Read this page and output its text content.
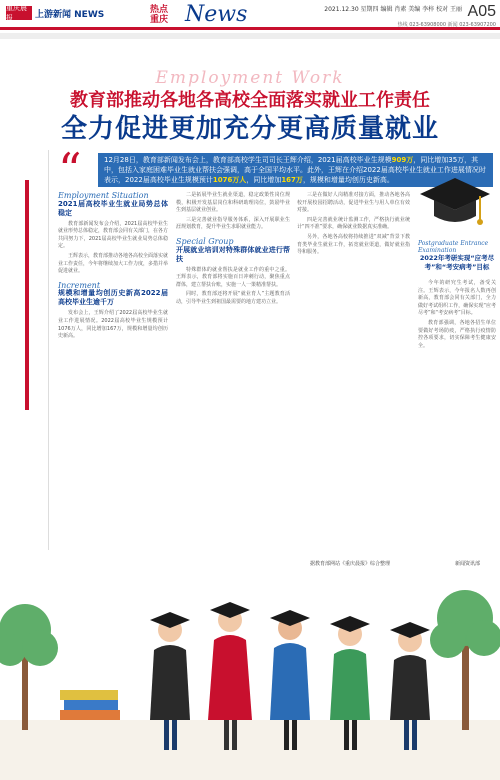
重庆晨报	上游新闻 NEWS	热点
重庆 News	2021.12.30 星期四 编辑 肖素 美编 李梓 校对 王丽 A05
热线 023-63908000 新闻 023-63907200
Employment Work
教育部推动各地各高校全面落实就业工作责任
全力促进更加充分更高质量就业
“	12月28日，教育部新闻发布会上，教育部高校学生司司长王辉介绍，2021届高校毕业生规模909万，同比增加35万，其中，包括入家庭困难毕业生就业帮扶会强调，高于全国平均水平。此外，王辉在介绍2022届高校毕业生就业工作进展情况时表示，2022届高校毕业生规模预计1076万人，同比增加167万，规模和增量均创历史新高。
Employment Situation
2021届高校毕业生就业局势总体稳定

教育部新闻发布会介绍，2021届高校毕业生就业形势总体稳定，教育部会同有关部门，在各方共同努力下，2021届高校毕业生就业局势总体稳定。

王辉表示，教育部推动各地各高校全面落实就业工作责任，今年将继续加大工作力度，多措并举促进就业。

Increment
规模和增量均创历史新高2022届高校毕业生逾千万

发布会上，王辉介绍了2022届高校毕业生就业工作进展情况。2022届高校毕业生规模预计1076万人，同比增加167万，规模和增量均创历史新高。

二是拓展毕业生就业渠道，稳定政策性岗位规模，积极开发基层岗位和科研助理岗位，鼓励毕业生到基层就业创业。

三是完善就业指导服务体系，深入开展职业生涯规划教育，提升毕业生求职就业能力。

Special Group
开展就业培训对特殊群体就业进行帮扶

特殊群体的就业帮扶是就业工作的重中之重。王辉表示，教育部将实施百日冲刺行动，聚焦重点群体，建立帮扶台账，实施一人一策精准帮扶。

同时，教育部还将开展“就业育人”主题教育活动，引导毕业生到祖国最需要的地方建功立业。

三是在做好人岗精准对接方面，推动各地各高校开展校园招聘活动，促进毕业生与用人单位有效对接。

四是完善就业统计监测工作，严格执行就业统计“四不准”要求，确保就业数据真实准确。

另外，各地各高校将持续推进“双减”背景下教育类毕业生就业工作，拓宽就业渠道，做好就业指导和服务。

Postgraduate Entrance Examination
2022年考研实现“应考尽考”和“考安病考”目标

今年的研究生考试，备受关注。王辉表示，今年报名人数再创新高，教育部会同有关部门，全力做好考试组织工作，确保实现“应考尽考”和“考安病考”目标。

教育部强调，各地各招生单位要做好考场防疫，严格执行疫情防控各项要求，切实保障考生健康安全。

新闻资讯部
据教育部网站《重庆晨报》综合整理
